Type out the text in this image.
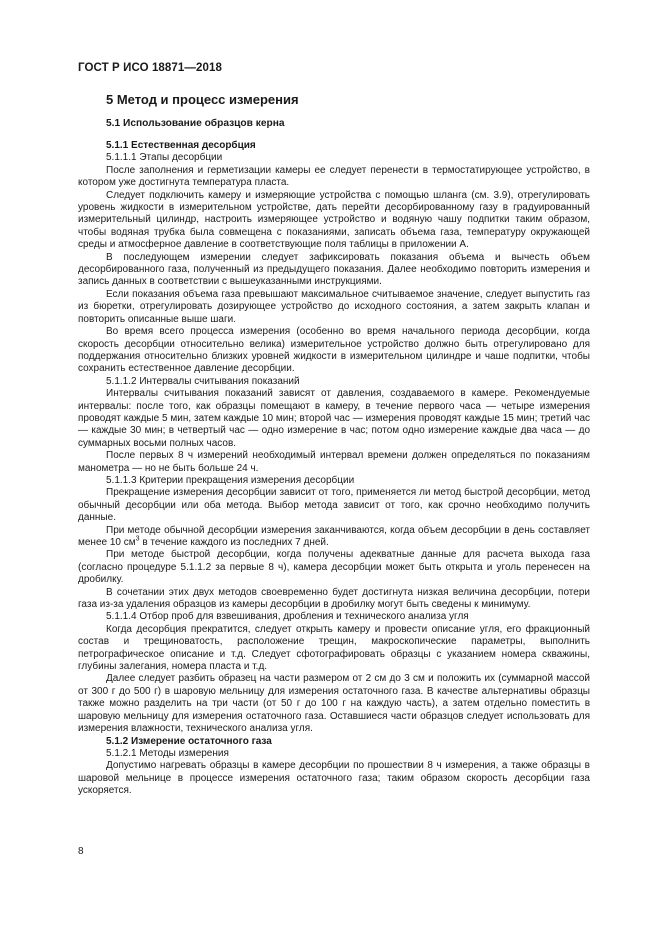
ГОСТ Р ИСО 18871—2018
5 Метод и процесс измерения
5.1 Использование образцов керна
5.1.1 Естественная десорбция
5.1.1.1 Этапы десорбции

После заполнения и герметизации камеры ее следует перенести в термостатирующее устройство, в котором уже достигнута температура пласта.

Следует подключить камеру и измеряющие устройства с помощью шланга (см. 3.9), отрегулировать уровень жидкости в измерительном устройстве, дать перейти десорбированному газу в градуированный измерительный цилиндр, настроить измеряющее устройство и водяную чашу подпитки таким образом, чтобы водяная трубка была совмещена с показаниями, записать объема газа, температуру окружающей среды и атмосферное давление в соответствующие поля таблицы в приложении А.

В последующем измерении следует зафиксировать показания объема и вычесть объем десорбированного газа, полученный из предыдущего показания. Далее необходимо повторить измерения и запись данных в соответствии с вышеуказанными инструкциями.

Если показания объема газа превышают максимальное считываемое значение, следует выпустить газ из бюретки, отрегулировать дозирующее устройство до исходного состояния, а затем закрыть клапан и повторить описанные выше шаги.

Во время всего процесса измерения (особенно во время начального периода десорбции, когда скорость десорбции относительно велика) измерительное устройство должно быть отрегулировано для поддержания относительно близких уровней жидкости в измерительном цилиндре и чаше подпитки, чтобы сохранить естественное давление десорбции.

5.1.1.2 Интервалы считывания показаний

Интервалы считывания показаний зависят от давления, создаваемого в камере. Рекомендуемые интервалы: после того, как образцы помещают в камеру, в течение первого часа — четыре измерения проводят каждые 5 мин, затем каждые 10 мин; второй час — измерения проводят каждые 15 мин; третий час — каждые 30 мин; в четвертый час — одно измерение в час; потом одно измерение каждые два часа — до суммарных восьми полных часов.

После первых 8 ч измерений необходимый интервал времени должен определяться по показаниям манометра — но не быть больше 24 ч.

5.1.1.3 Критерии прекращения измерения десорбции

Прекращение измерения десорбции зависит от того, применяется ли метод быстрой десорбции, метод обычный десорбции или оба метода. Выбор метода зависит от того, как срочно необходимо получить данные.

При методе обычной десорбции измерения заканчиваются, когда объем десорбции в день составляет менее 10 $см^3$ в течение каждого из последних 7 дней.

При методе быстрой десорбции, когда получены адекватные данные для расчета выхода газа (согласно процедуре 5.1.1.2 за первые 8 ч), камера десорбции может быть открыта и уголь перенесен на дробилку.

В сочетании этих двух методов своевременно будет достигнута низкая величина десорбции, потери газа из-за удаления образцов из камеры десорбции в дробилку могут быть сведены к минимуму.

5.1.1.4 Отбор проб для взвешивания, дробления и технического анализа угля

Когда десорбция прекратится, следует открыть камеру и провести описание угля, его фракционный состав и трещиноватость, расположение трещин, макроскопические параметры, выполнить петрографическое описание и т.д. Следует сфотографировать образцы с указанием номера скважины, глубины залегания, номера пласта и т.д.

Далее следует разбить образец на части размером от 2 см до 3 см и положить их (суммарной массой от 300 г до 500 г) в шаровую мельницу для измерения остаточного газа. В качестве альтернативы образцы также можно разделить на три части (от 50 г до 100 г на каждую часть), а затем отдельно поместить в шаровую мельницу для измерения остаточного газа. Оставшиеся части образцов следует использовать для измерения влажности, технического анализа угля.

5.1.2 Измерение остаточного газа
5.1.2.1 Методы измерения

Допустимо нагревать образцы в камере десорбции по прошествии 8 ч измерения, а также образцы в шаровой мельнице в процессе измерения остаточного газа; таким образом скорость десорбции газа ускоряется.

8
